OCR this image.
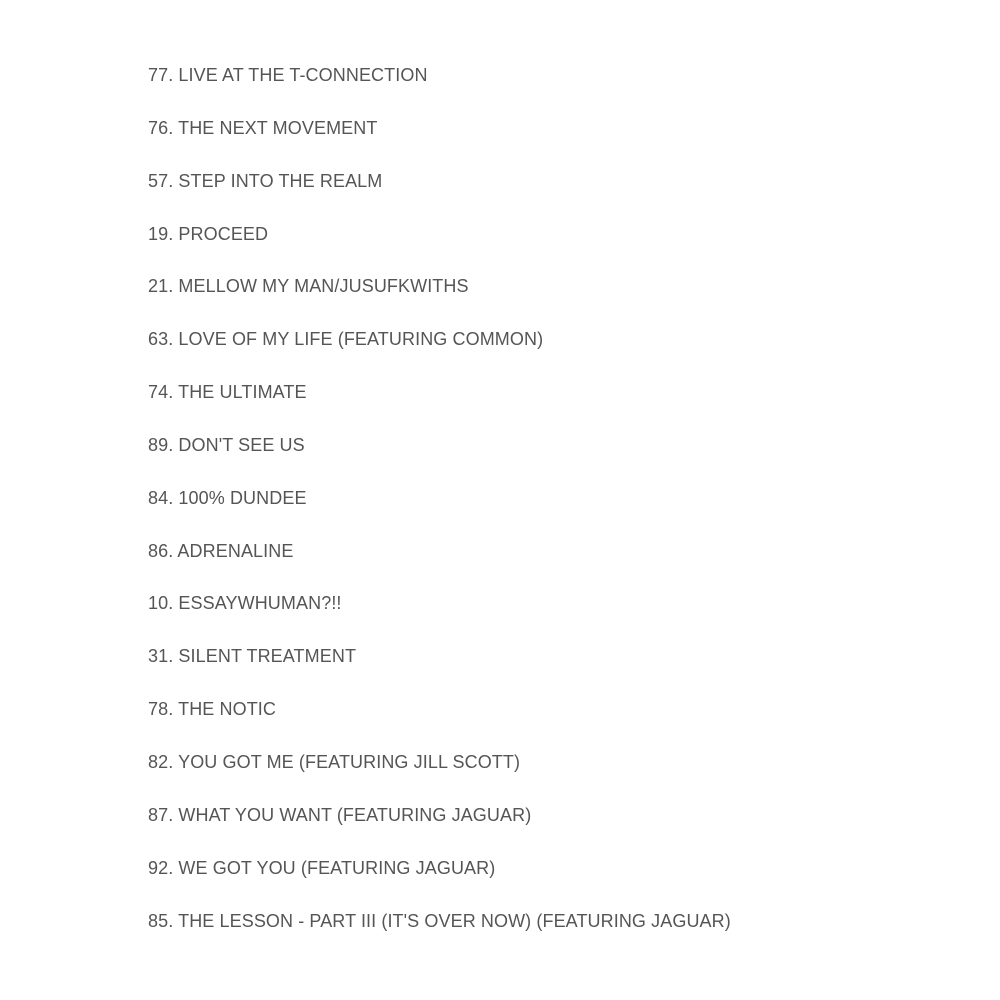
77. LIVE AT THE T-CONNECTION
76. THE NEXT MOVEMENT
57. STEP INTO THE REALM
19. PROCEED
21. MELLOW MY MAN/JUSUFKWITHS
63. LOVE OF MY LIFE (FEATURING COMMON)
74. THE ULTIMATE
89. DON'T SEE US
84. 100% DUNDEE
86. ADRENALINE
10. ESSAYWHUMAN?!!
31. SILENT TREATMENT
78. THE NOTIC
82. YOU GOT ME (FEATURING JILL SCOTT)
87. WHAT YOU WANT (FEATURING JAGUAR)
92. WE GOT YOU (FEATURING JAGUAR)
85. THE LESSON - PART III (IT'S OVER NOW) (FEATURING JAGUAR)
